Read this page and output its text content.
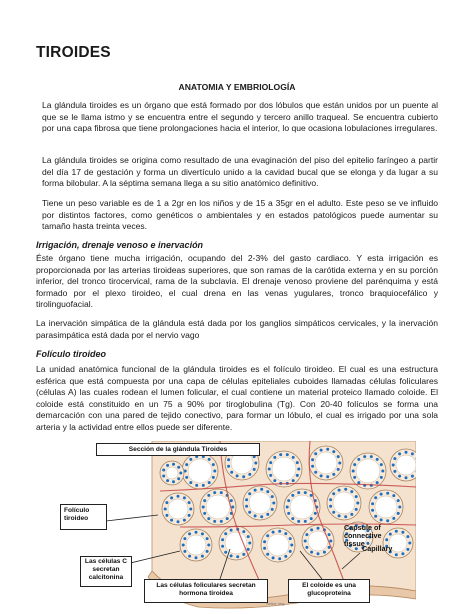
TIROIDES
ANATOMIA Y EMBRIOLOGÍA

La glándula tiroides es un órgano que está formado por dos lóbulos que están unidos por un puente al que se le llama istmo y se encuentra entre el segundo y tercero anillo traqueal. Se encuentra cubierto por una capa fibrosa que tiene prolongaciones hacia el interior, lo que ocasiona lobulaciones irregulares.

La glándula tiroides se origina como resultado de una evaginación del piso del epitelio faríngeo a partir del día 17 de gestación y forma un divertículo unido a la cavidad bucal que se elonga y da lugar a su forma bilobular. A la séptima semana llega a su sitio anatómico definitivo.

Tiene un peso variable es de 1 a 2gr en los niños y de 15 a 35gr en el adulto. Este peso se ve influido por distintos factores, como genéticos o ambientales y en estados patológicos puede aumentar su tamaño hasta treinta veces.

Irrigación, drenaje venoso e inervación

Éste órgano tiene mucha irrigación, ocupando del 2-3% del gasto cardiaco. Y esta irrigación es proporcionada por las arterias tiroideas superiores, que son ramas de la carótida externa y en su porción inferior, del tronco tirocervical, rama de la subclavia. El drenaje venoso proviene del parénquima y está formado por el plexo tiroideo, el cual drena en las venas yugulares, tronco braquiocefálico y tirolinguofacial.

La inervación simpática de la glándula está dada por los ganglios simpáticos cervicales, y la inervación parasimpática está dada por el nervio vago

Folículo tiroideo

La unidad anatómica funcional de la glándula tiroides es el folículo tiroideo. El cual es una estructura esférica que está compuesta por una capa de células epiteliales cuboides llamadas células foliculares (células A) las cuales rodean el lumen folicular, el cual contiene un material proteico llamado coloide. El coloide está constituido en un 75 a 90% por tiroglobulina (Tg). Con 20-40 folículos se forma una demarcación con una pared de tejido conectivo, para formar un lóbulo, el cual es irrigado por una sola arteria y la actividad entre ellos puede ser diferente.

Sección de la glándula Tiroides
Folículo tiroideo
Las células C secretan calcitonina
Las células foliculares secretan hormona tiroidea
El coloide es una glucoproteína
Capsule of connective tissue
Capillary
Netter img
